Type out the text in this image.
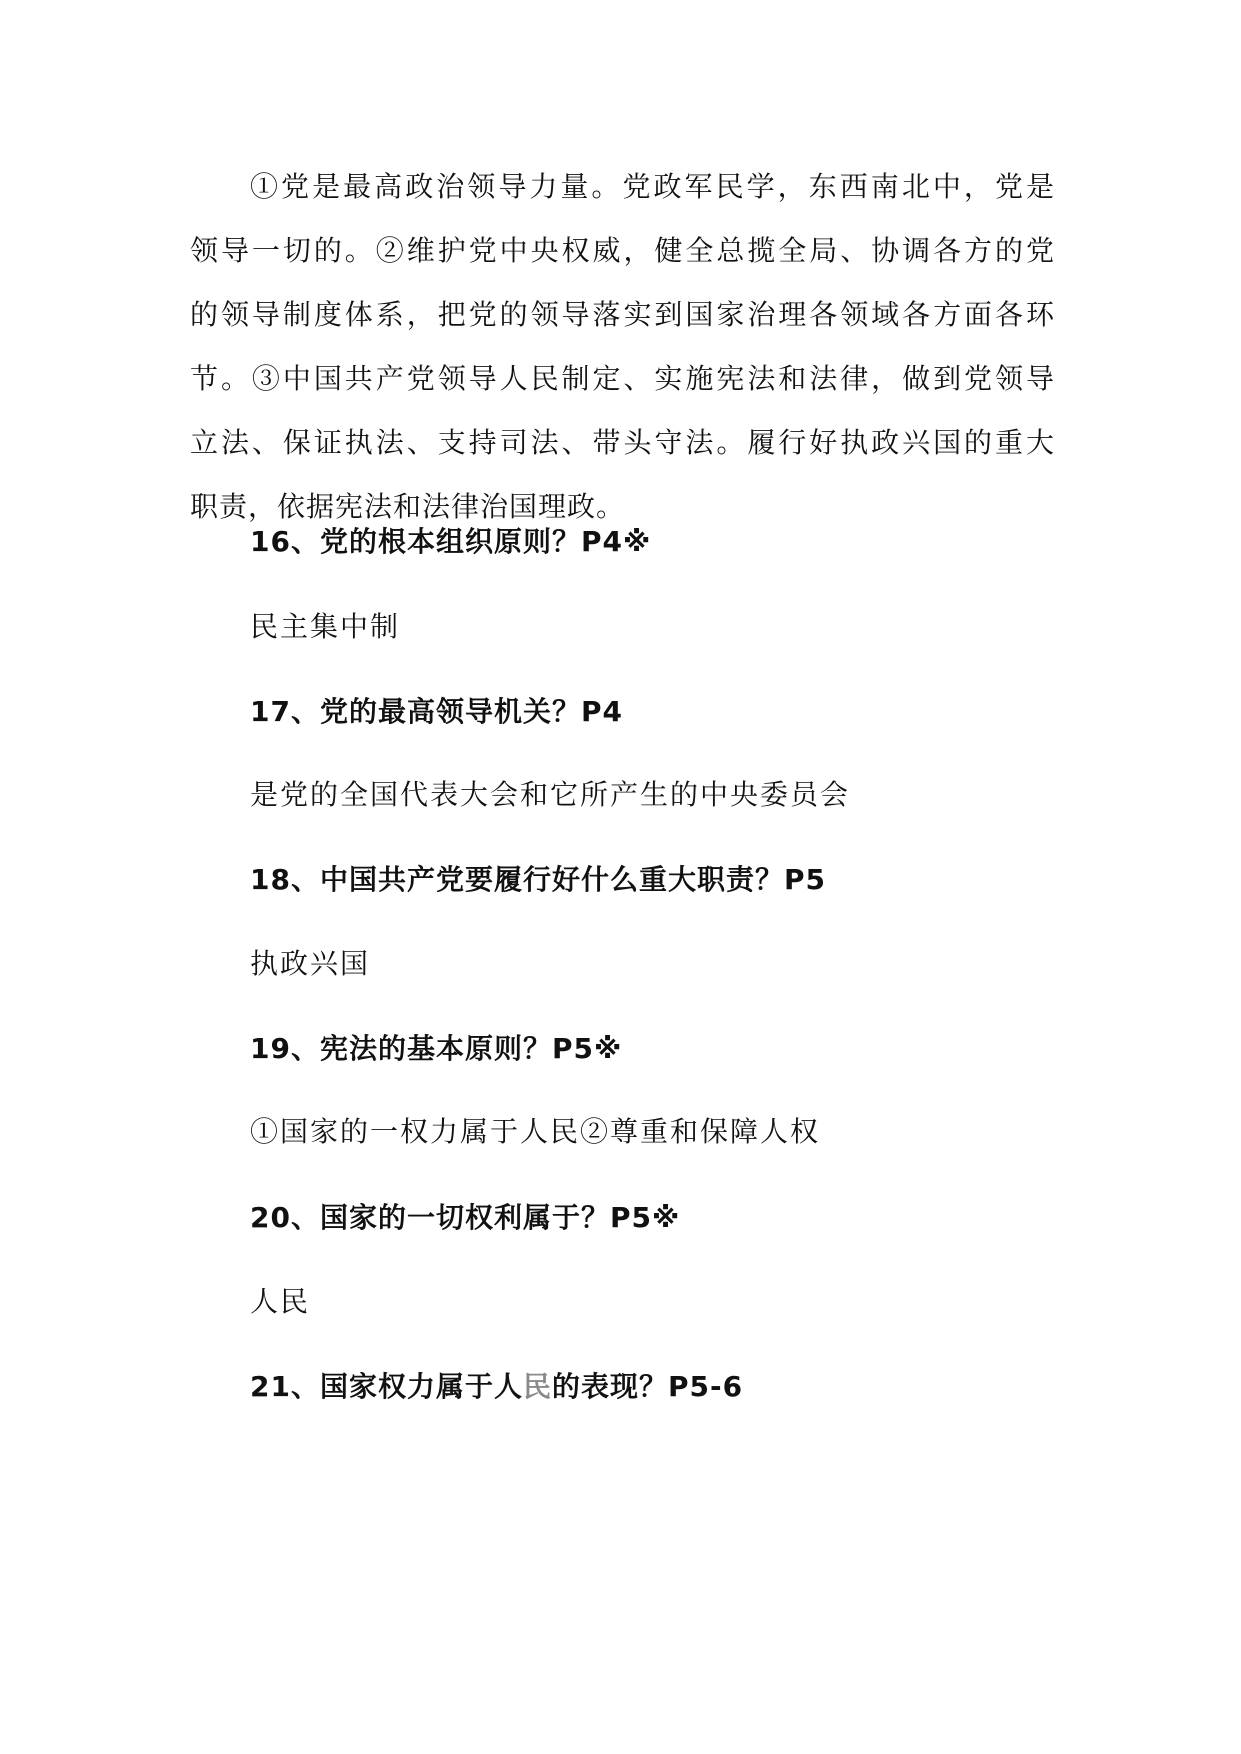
①党是最高政治领导力量。党政军民学，东西南北中，党是
领导一切的。②维护党中央权威，健全总揽全局、协调各方的党
的领导制度体系，把党的领导落实到国家治理各领域各方面各环
节。③中国共产党领导人民制定、实施宪法和法律，做到党领导
立法、保证执法、支持司法、带头守法。履行好执政兴国的重大
职责，依据宪法和法律治国理政。

16、党的根本组织原则？P4※

民主集中制

17、党的最高领导机关？P4

是党的全国代表大会和它所产生的中央委员会

18、中国共产党要履行好什么重大职责？P5

执政兴国

19、宪法的基本原则？P5※

①国家的一权力属于人民②尊重和保障人权

20、国家的一切权利属于？P5※

人民

21、国家权力属于人民的表现？P5-6
